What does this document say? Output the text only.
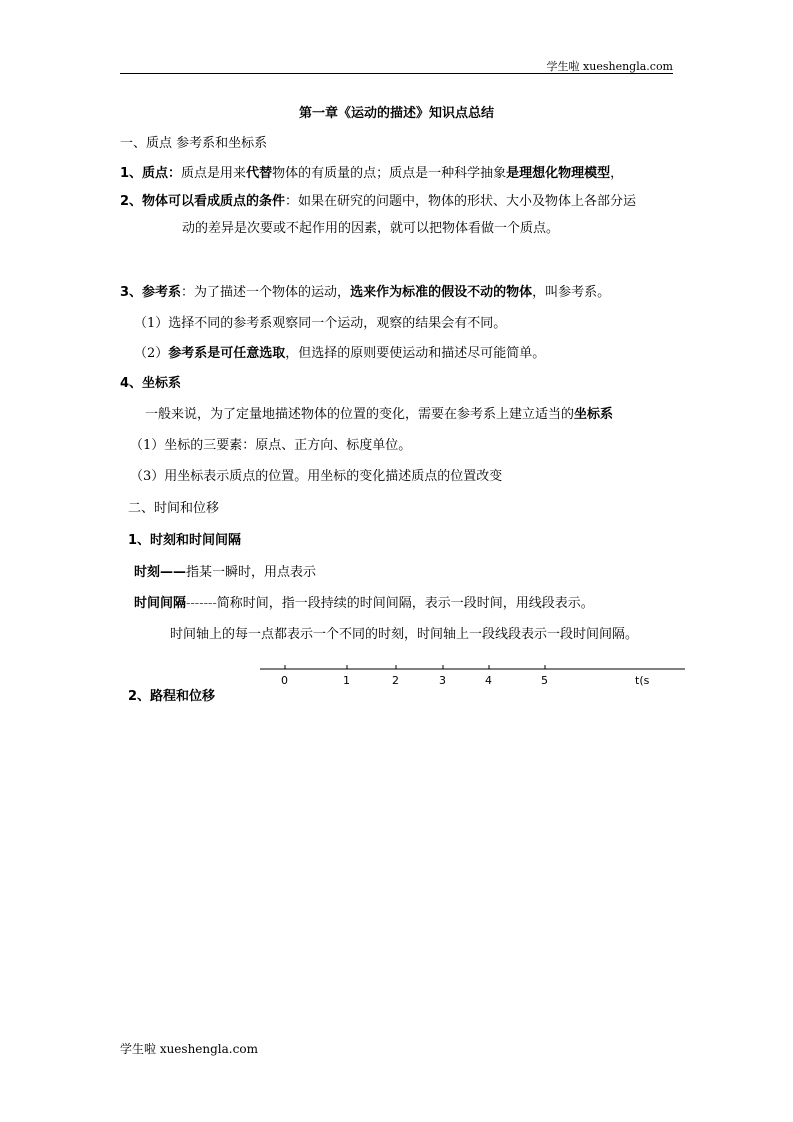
学生啦 xueshengla.com
第一章《运动的描述》知识点总结
一、质点 参考系和坐标系
1、质点：质点是用来代替物体的有质量的点；质点是一种科学抽象是理想化物理模型，
2、物体可以看成质点的条件：如果在研究的问题中，物体的形状、大小及物体上各部分运
动的差异是次要或不起作用的因素，就可以把物体看做一个质点。
3、参考系：为了描述一个物体的运动，选来作为标准的假设不动的物体，叫参考系。
（1）选择不同的参考系观察同一个运动，观察的结果会有不同。
（2）参考系是可任意选取，但选择的原则要使运动和描述尽可能简单。
4、坐标系
一般来说，为了定量地描述物体的位置的变化，需要在参考系上建立适当的坐标系
（1）坐标的三要素：原点、正方向、标度单位。
（3）用坐标表示质点的位置。用坐标的变化描述质点的位置改变
二、时间和位移
1、时刻和时间间隔
时刻——指某一瞬时，用点表示
时间间隔-------简称时间，指一段持续的时间间隔，表示一段时间，用线段表示。
时间轴上的每一点都表示一个不同的时刻，时间轴上一段线段表示一段时间间隔。
0	1	2	3	4	5	t(s
2、路程和位移
学生啦 xueshengla.com
